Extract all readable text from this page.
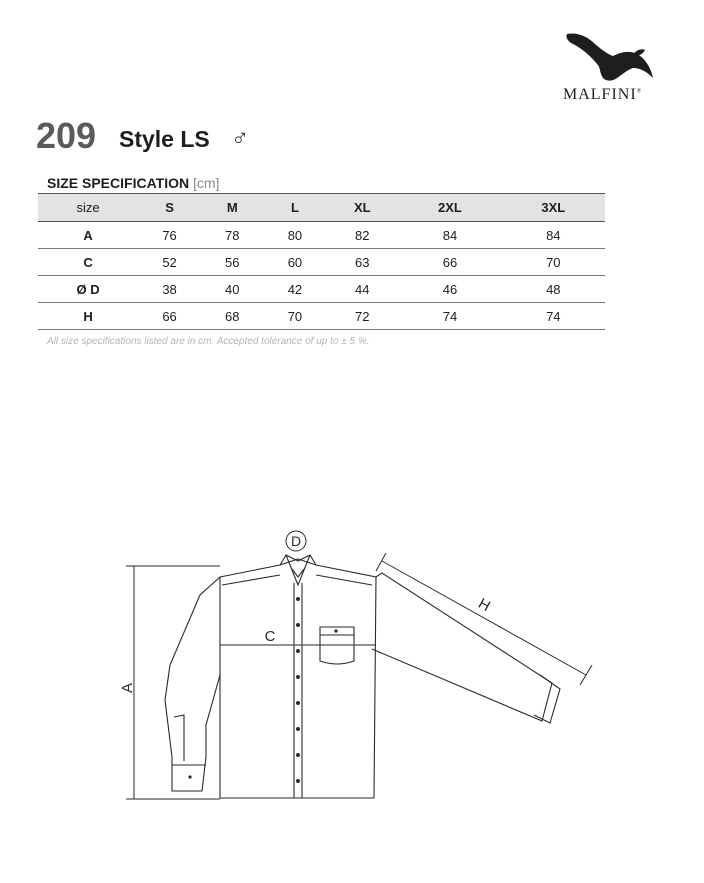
MALFINI®
209 Style LS ♂
SIZE SPECIFICATION [cm]
size	S	M	L	XL	2XL	3XL
A	76	78	80	82	84	84
C	52	56	60	63	66	70
Ø D	38	40	42	44	46	48
H	66	68	70	72	74	74
All size specifications listed are in cm. Accepted tolerance of up to ± 5 %.
A
C
D
H
